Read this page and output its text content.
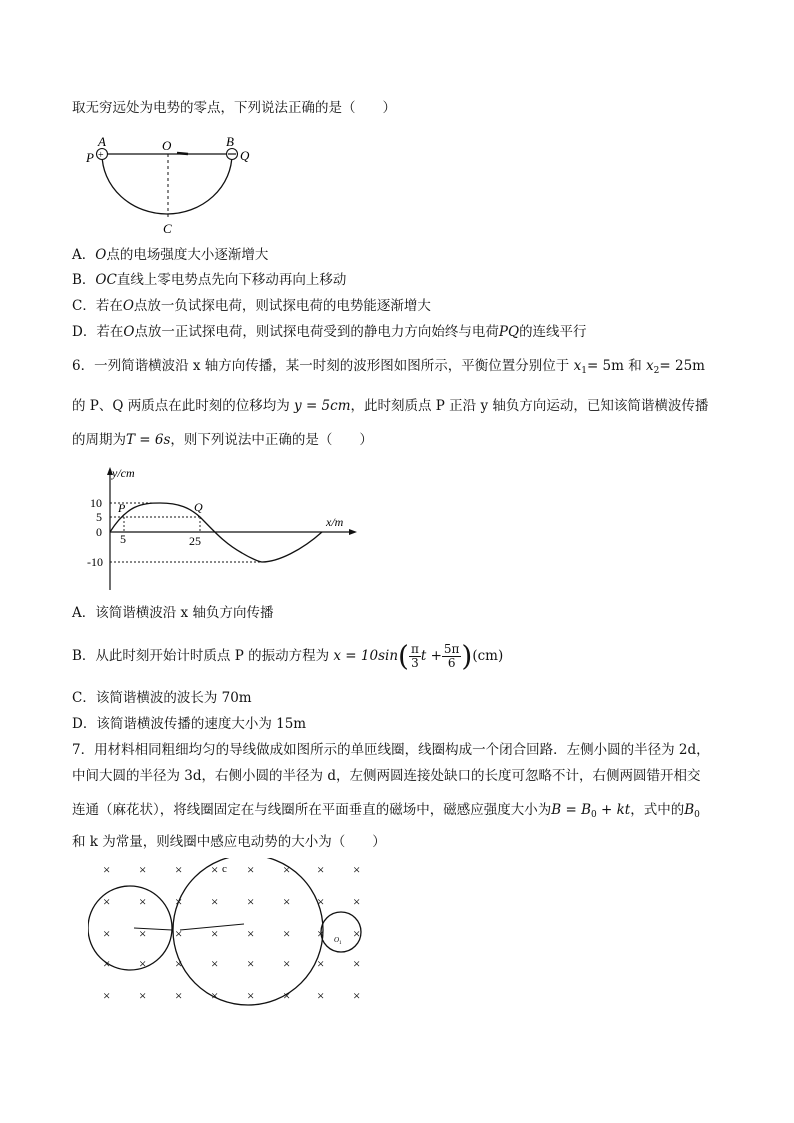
取无穷远处为电势的零点，下列说法正确的是（　　）
+
P
A	O	B
Q
C
A．O点的电场强度大小逐渐增大
B．OC直线上零电势点先向下移动再向上移动
C．若在O点放一负试探电荷，则试探电荷的电势能逐渐增大
D．若在O点放一正试探电荷，则试探电荷受到的静电力方向始终与电荷PQ的连线平行
6．一列简谐横波沿 x 轴方向传播，某一时刻的波形图如图所示，平衡位置分别位于 $x_1= 5m$ 和 $x_2= 25m$
的 P、Q 两质点在此时刻的位移均为 y = 5cm，此时刻质点 P 正沿 y 轴负方向运动，已知该简谐横波传播
的周期为T = 6s，则下列说法中正确的是（　　）
y/cm
x/m
10
5
0
-10
25
5
P	Q
A．该简谐横波沿 x 轴负方向传播
B．从此时刻开始计时质点 P 的振动方程为 $x = 10\sin( \frac{\pi}{3}$ $t + \frac{5\pi}{6} )(cm)$
C．该简谐横波的波长为 70m
D．该简谐横波传播的速度大小为 15m
7．用材料相同粗细均匀的导线做成如图所示的单匝线圈，线圈构成一个闭合回路．左侧小圆的半径为 2d，
中间大圆的半径为 3d，右侧小圆的半径为 d，左侧两圆连接处缺口的长度可忽略不计，右侧两圆错开相交
连通（麻花状），将线圈固定在与线圈所在平面垂直的磁场中，磁感应强度大小为$B = B_0$ + kt，式中的$B_0$
和 k 为常量，则线圈中感应电动势的大小为（　　）
× × × × × × × ×
× × × × × × × ×
× × × × × × × ×
× × × × × × × ×
× × × × × × × ×
O 1
c
